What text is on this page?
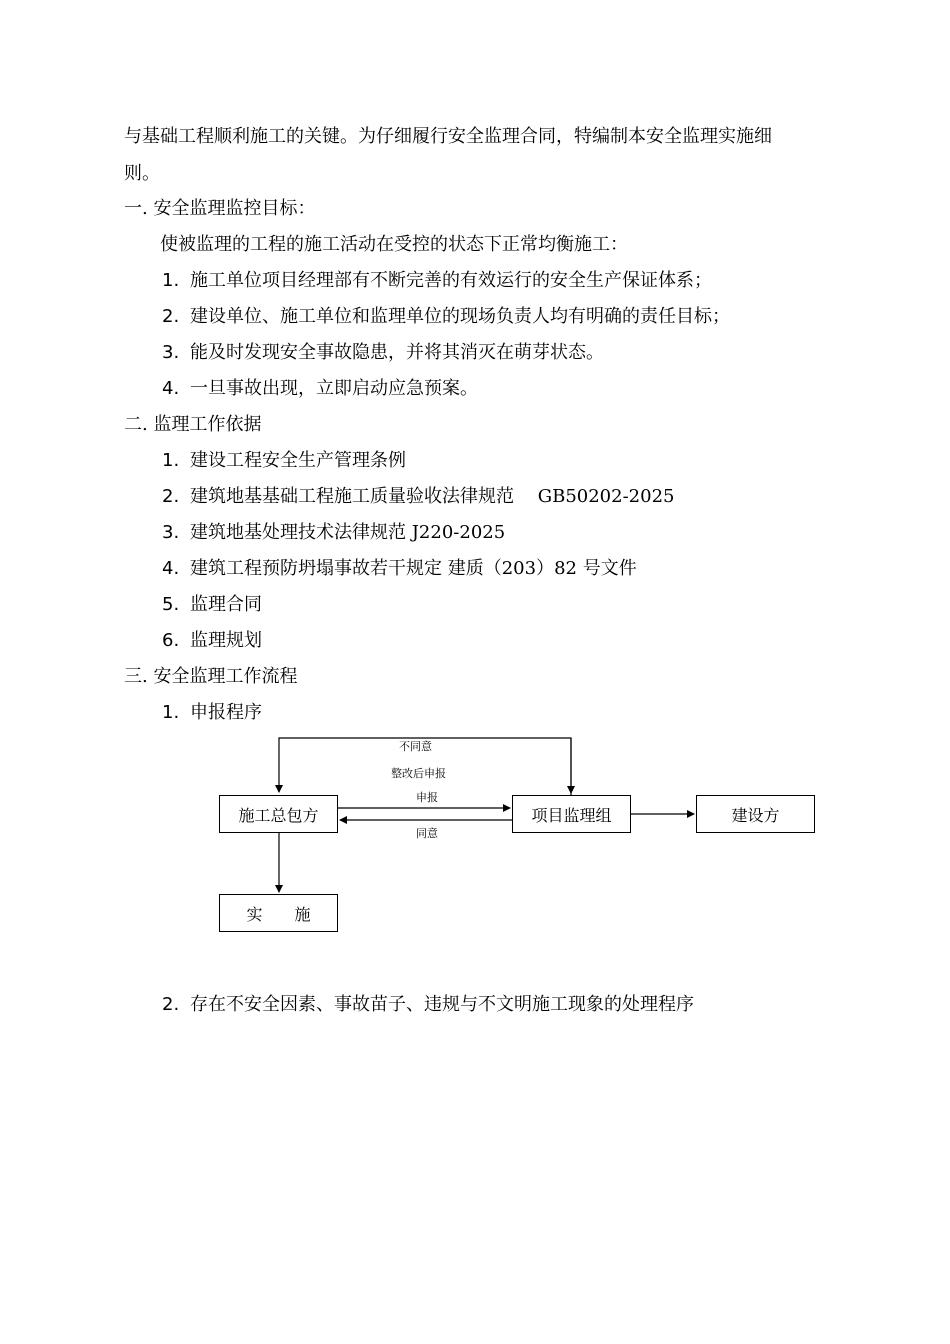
与基础工程顺利施工的关键。为仔细履行安全监理合同，特编制本安全监理实施细
则。
一. 安全监理监控目标：
使被监理的工程的施工活动在受控的状态下正常均衡施工：
1. 施工单位项目经理部有不断完善的有效运行的安全生产保证体系；
2. 建设单位、施工单位和监理单位的现场负责人均有明确的责任目标；
3. 能及时发现安全事故隐患，并将其消灭在萌芽状态。
4. 一旦事故出现，立即启动应急预案。
二. 监理工作依据
1. 建设工程安全生产管理条例
2. 建筑地基基础工程施工质量验收法律规范　 GB50202-2025
3. 建筑地基处理技术法律规范 J220-2025
4. 建筑工程预防坍塌事故若干规定 建质（203）82 号文件
5. 监理合同
6. 监理规划
三. 安全监理工作流程
1. 申报程序
施工总包方	项目监理组	建设方
实　　施
不同意
整改后申报
申报
同意
2. 存在不安全因素、事故苗子、违规与不文明施工现象的处理程序
